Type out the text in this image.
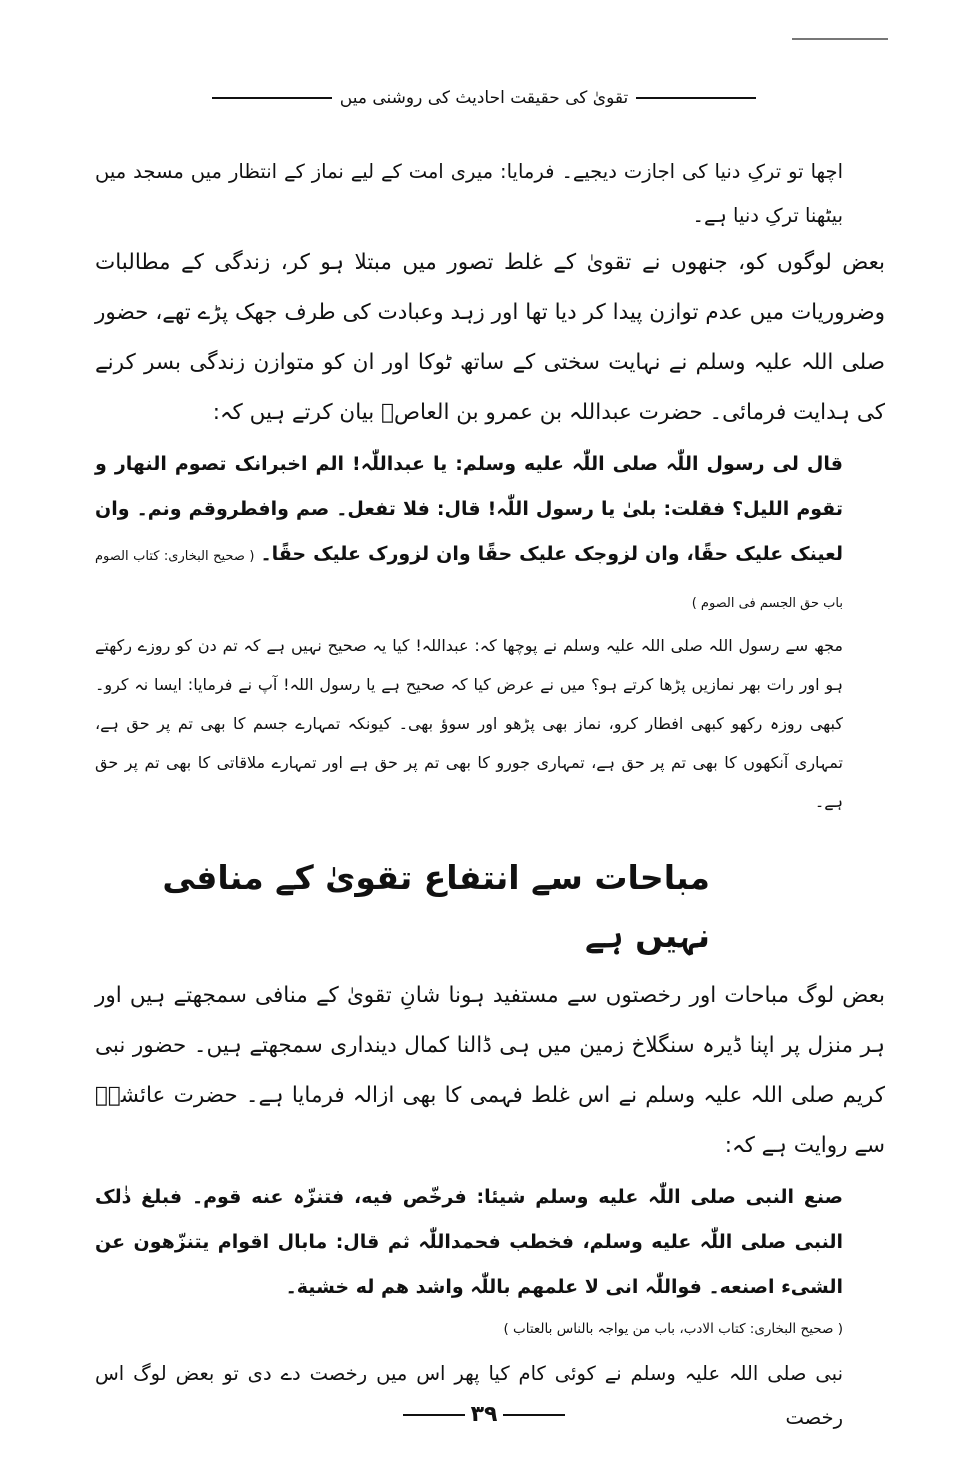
تقویٰ کی حقیقت احادیث کی روشنی میں

اچھا تو ترکِ دنیا کی اجازت دیجیے۔ فرمایا: میری امت کے لیے نماز کے انتظار میں مسجد میں بیٹھنا ترکِ دنیا ہے۔

بعض لوگوں کو، جنھوں نے تقویٰ کے غلط تصور میں مبتلا ہو کر، زندگی کے مطالبات وضروریات میں عدم توازن پیدا کر دیا تھا اور زہد وعبادت کی طرف جھک پڑے تھے، حضور صلی اللہ علیہ وسلم نے نہایت سختی کے ساتھ ٹوکا اور ان کو متوازن زندگی بسر کرنے کی ہدایت فرمائی۔ حضرت عبداللہ بن عمرو بن العاصؓ بیان کرتے ہیں کہ:

قال لی رسول اللّٰہ صلی اللّٰہ علیه وسلم: یا عبداللّٰہ! الم اخبرانک تصوم النھار و تقوم اللیل؟ فقلت: بلیٰ یا رسول اللّٰہ! قال: فلا تفعل۔ صم وافطروقم ونم۔ وان لعینک علیک حقًا، وان لزوجک علیک حقًا وان لزورک علیک حقًا۔( صحیح البخاری: کتاب الصوم باب حق الجسم فی الصوم )

مجھ سے رسول اللہ صلی اللہ علیہ وسلم نے پوچھا کہ: عبداللہ! کیا یہ صحیح نہیں ہے کہ تم دن کو روزے رکھتے ہو اور رات بھر نمازیں پڑھا کرتے ہو؟ میں نے عرض کیا کہ صحیح ہے یا رسول اللہ! آپ نے فرمایا: ایسا نہ کرو۔ کبھی روزہ رکھو کبھی افطار کرو، نماز بھی پڑھو اور سوؤ بھی۔ کیونکہ تمہارے جسم کا بھی تم پر حق ہے، تمہاری آنکھوں کا بھی تم پر حق ہے، تمہاری جورو کا بھی تم پر حق ہے اور تمہارے ملاقاتی کا بھی تم پر حق ہے۔

مباحات سے انتفاع تقویٰ کے منافی نہیں ہے

بعض لوگ مباحات اور رخصتوں سے مستفید ہونا شانِ تقویٰ کے منافی سمجھتے ہیں اور ہر منزل پر اپنا ڈیرہ سنگلاخ زمین میں ہی ڈالنا کمال دینداری سمجھتے ہیں۔ حضور نبی کریم صلی اللہ علیہ وسلم نے اس غلط فہمی کا بھی ازالہ فرمایا ہے۔ حضرت عائشہؓ سے روایت ہے کہ:

صنع النبی صلی اللّٰہ علیه وسلم شیئا: فرخّص فیه، فتنزّہ عنه قوم۔ فبلغ ذٰلک النبی صلی اللّٰہ علیه وسلم، فخطب فحمداللّٰہ ثم قال: مابال اقوام یتنزّھون عن الشیء اصنعه۔ فواللّٰہ انی لا علمھم باللّٰہ واشد ھم له خشیة۔

( صحیح البخاری: کتاب الادب، باب من یواجہ بالناس بالعتاب )

نبی صلی اللہ علیہ وسلم نے کوئی کام کیا پھر اس میں رخصت دے دی تو بعض لوگ اس رخصت

۳۹
